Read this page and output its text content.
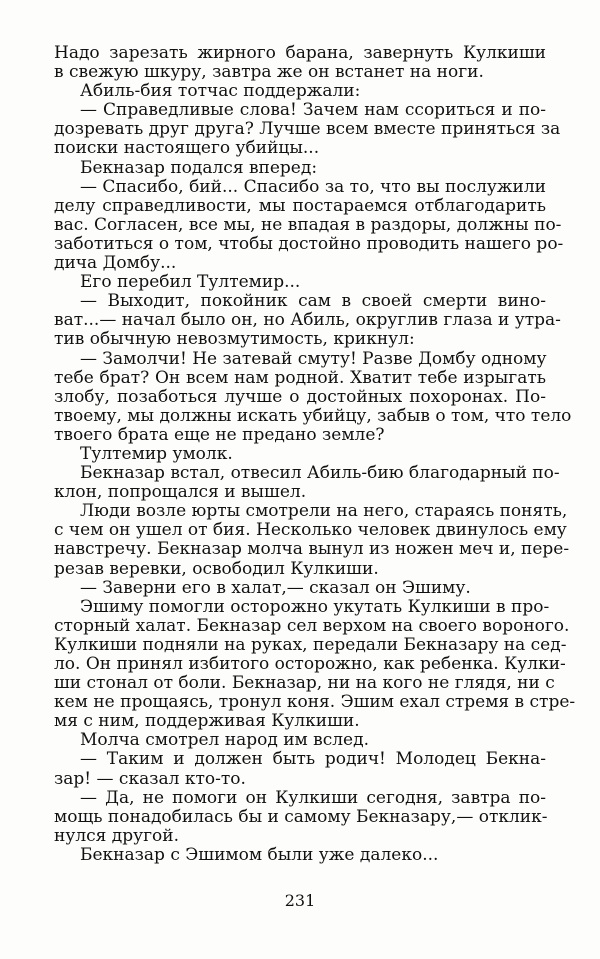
Надо зарезать жирного барана, завернуть Кулкиши
в свежую шкуру, завтра же он встанет на ноги.
Абиль-бия тотчас поддержали:
— Справедливые слова! Зачем нам ссориться и по-
дозревать друг друга? Лучше всем вместе приняться за
поиски настоящего убийцы...
Бекназар подался вперед:
— Спасибо, бий... Спасибо за то, что вы послужили
делу справедливости, мы постараемся отблагодарить
вас. Согласен, все мы, не впадая в раздоры, должны по-
заботиться о том, чтобы достойно проводить нашего ро-
дича Домбу...
Его перебил Тултемир...
— Выходит, покойник сам в своей смерти вино-
ват...— начал было он, но Абиль, округлив глаза и утра-
тив обычную невозмутимость, крикнул:
— Замолчи! Не затевай смуту! Разве Домбу одному
тебе брат? Он всем нам родной. Хватит тебе изрыгать
злобу, позаботься лучше о достойных похоронах. По-
твоему, мы должны искать убийцу, забыв о том, что тело
твоего брата еще не предано земле?
Тултемир умолк.
Бекназар встал, отвесил Абиль-бию благодарный по-
клон, попрощался и вышел.
Люди возле юрты смотрели на него, стараясь понять,
с чем он ушел от бия. Несколько человек двинулось ему
навстречу. Бекназар молча вынул из ножен меч и, пере-
резав веревки, освободил Кулкиши.
— Заверни его в халат,— сказал он Эшиму.
Эшиму помогли осторожно укутать Кулкиши в про-
сторный халат. Бекназар сел верхом на своего вороного.
Кулкиши подняли на руках, передали Бекназару на сед-
ло. Он принял избитого осторожно, как ребенка. Кулки-
ши стонал от боли. Бекназар, ни на кого не глядя, ни с
кем не прощаясь, тронул коня. Эшим ехал стремя в стре-
мя с ним, поддерживая Кулкиши.
Молча смотрел народ им вслед.
— Таким и должен быть родич! Молодец Бекна-
зар! — сказал кто-то.
— Да, не помоги он Кулкиши сегодня, завтра по-
мощь понадобилась бы и самому Бекназару,— отклик-
нулся другой.
Бекназар с Эшимом были уже далеко...
231
